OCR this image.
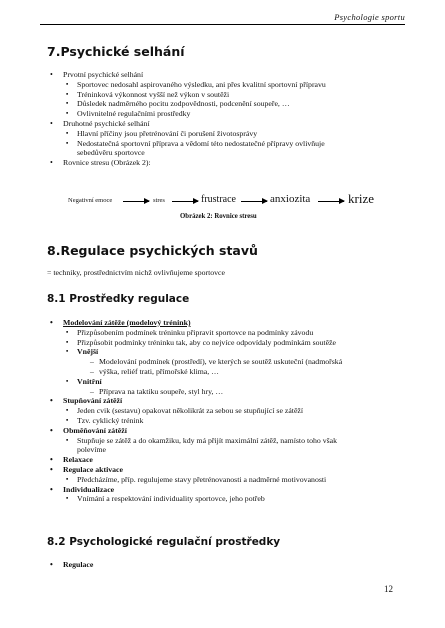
Psychologie sportu
7.Psychické selhání
• Prvotní psychické selhání
▪ Sportovec nedosahl aspirovaného výsledku, ani přes kvalitní sportovní přípravu
▪ Tréninková výkonnost vyšší než výkon v soutěži
▪ Důsledek nadměrného pocitu zodpovědnosti, podcenění soupeře, …
▪ Ovlivnitelné regulačními prostředky
• Druhotné psychické selhání
▪ Hlavní příčiny jsou přetrénování či porušení životosprávy
▪ Nedostatečná sportovní příprava a vědomí této nedostatečné přípravy ovlivňuje
sebedůvěru sportovce
• Rovnice stresu (Obrázek 2):
Negativní emoce	stres	frustrace	anxiozita	krize
Obrázek 2: Rovnice stresu
8.Regulace psychických stavů
= techniky, prostřednictvím nichž ovlivňujeme sportovce
8.1 Prostředky regulace
• Modelování zátěže (modelový trénink)
▪ Přizpůsobením podmínek tréninku připravit sportovce na podmínky závodu
▪ Přizpůsobit podmínky tréninku tak, aby co nejvíce odpovídaly podmínkám soutěže
▪ Vnější
– Modelování podmínek (prostředí), ve kterých se soutěž uskuteční (nadmořská
– výška, reliéf trati, přímořské klima, …
▪ Vnitřní
– Příprava na taktiku soupeře, styl hry, …
• Stupňování zátěží
▪ Jeden cvik (sestavu) opakovat několikrát za sebou se stupňující se zátěží
▪ Tzv. cyklický trénink
• Obměňování zátěží
▪ Stupňuje se zátěž a do okamžiku, kdy má přijít maximální zátěž, namísto toho však
polevíme
• Relaxace
• Regulace aktivace
▪ Předcházíme, příp. regulujeme stavy přetrénovanosti a nadměrné motivovanosti
• Individualizace
▪ Vnímání a respektování individuality sportovce, jeho potřeb
8.2 Psychologické regulační prostředky
• Regulace
12
